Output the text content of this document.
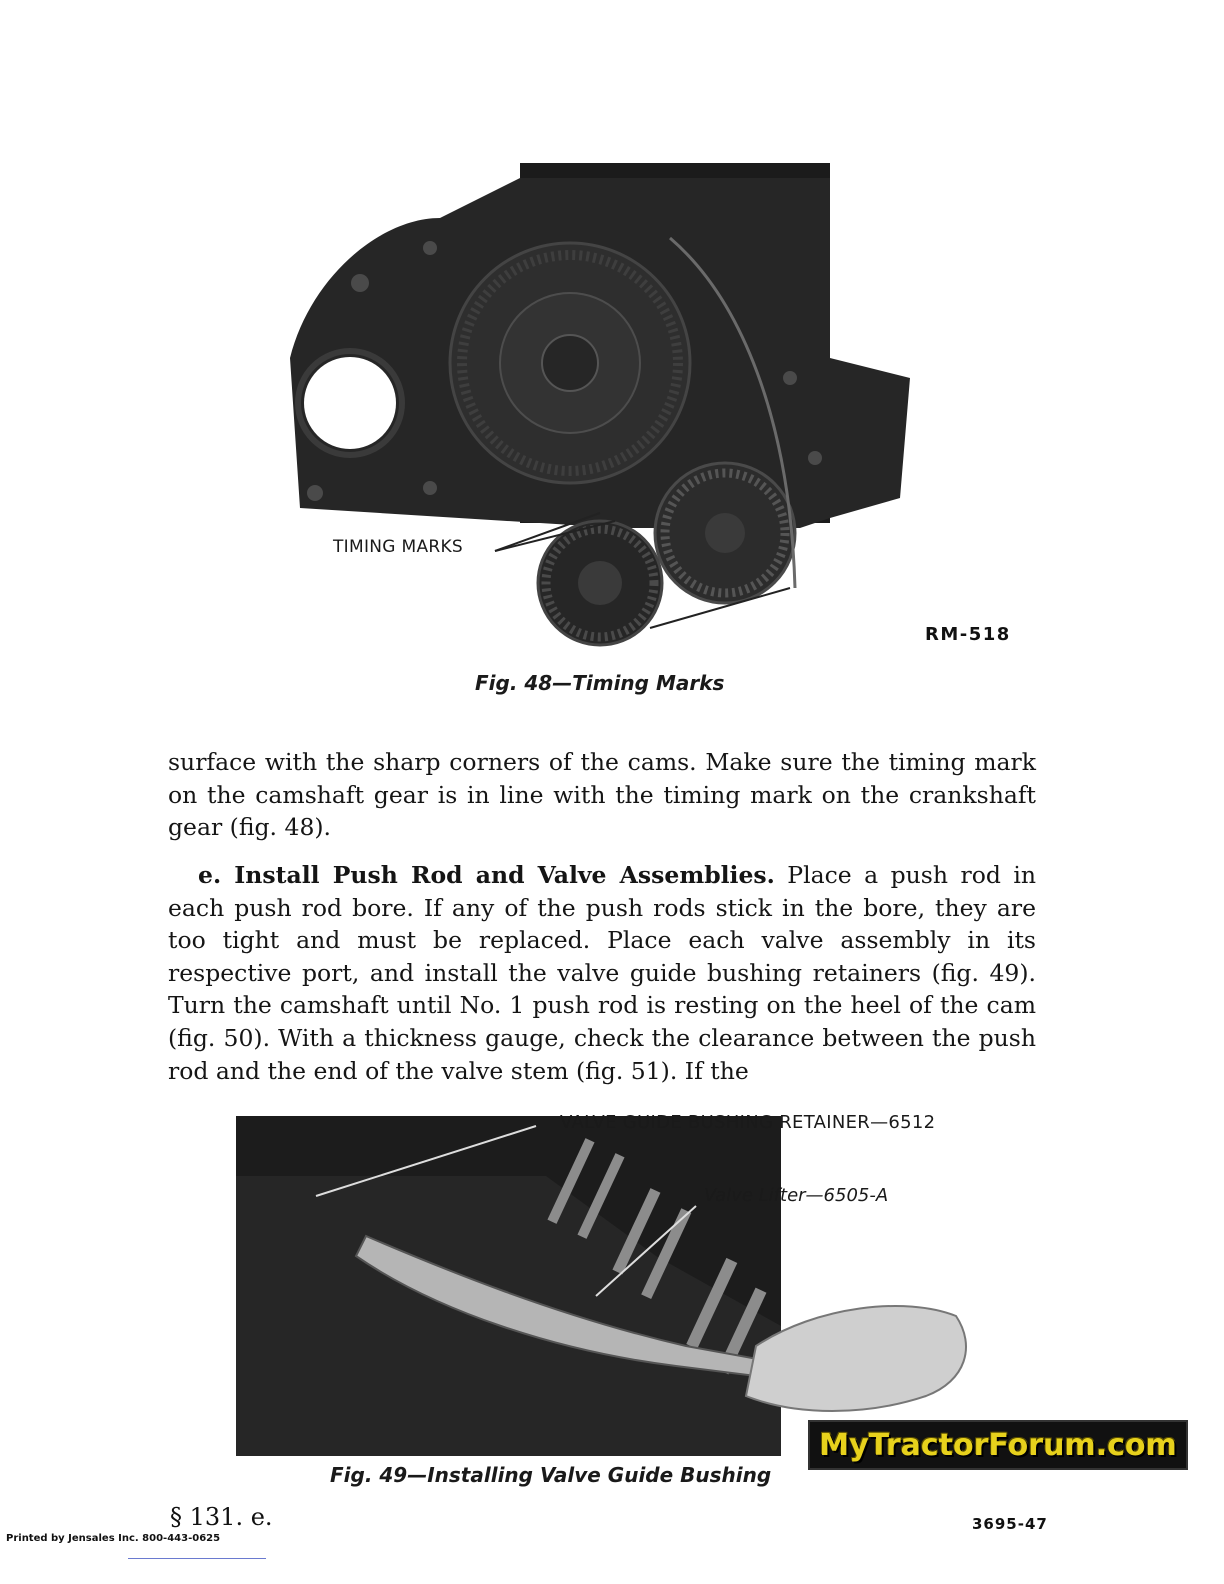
TIMING MARKS
RM-518
Fig. 48—Timing Marks
surface with the sharp corners of the cams. Make sure the timing mark on the camshaft gear is in line with the timing mark on the crankshaft gear (fig. 48).
e. Install Push Rod and Valve Assemblies. Place a push rod in each push rod bore. If any of the push rods stick in the bore, they are too tight and must be replaced. Place each valve assembly in its respective port, and install the valve guide bushing retainers (fig. 49). Turn the camshaft until No. 1 push rod is resting on the heel of the cam (fig. 50). With a thickness gauge, check the clearance between the push rod and the end of the valve stem (fig. 51). If the
VALVE GUIDE BUSHING RETAINER—6512
Valve Lifter—6505-A
MyTractorForum.com
Fig. 49—Installing Valve Guide Bushing
§ 131. e.	3695-47
Printed by Jensales Inc. 800-443-0625
